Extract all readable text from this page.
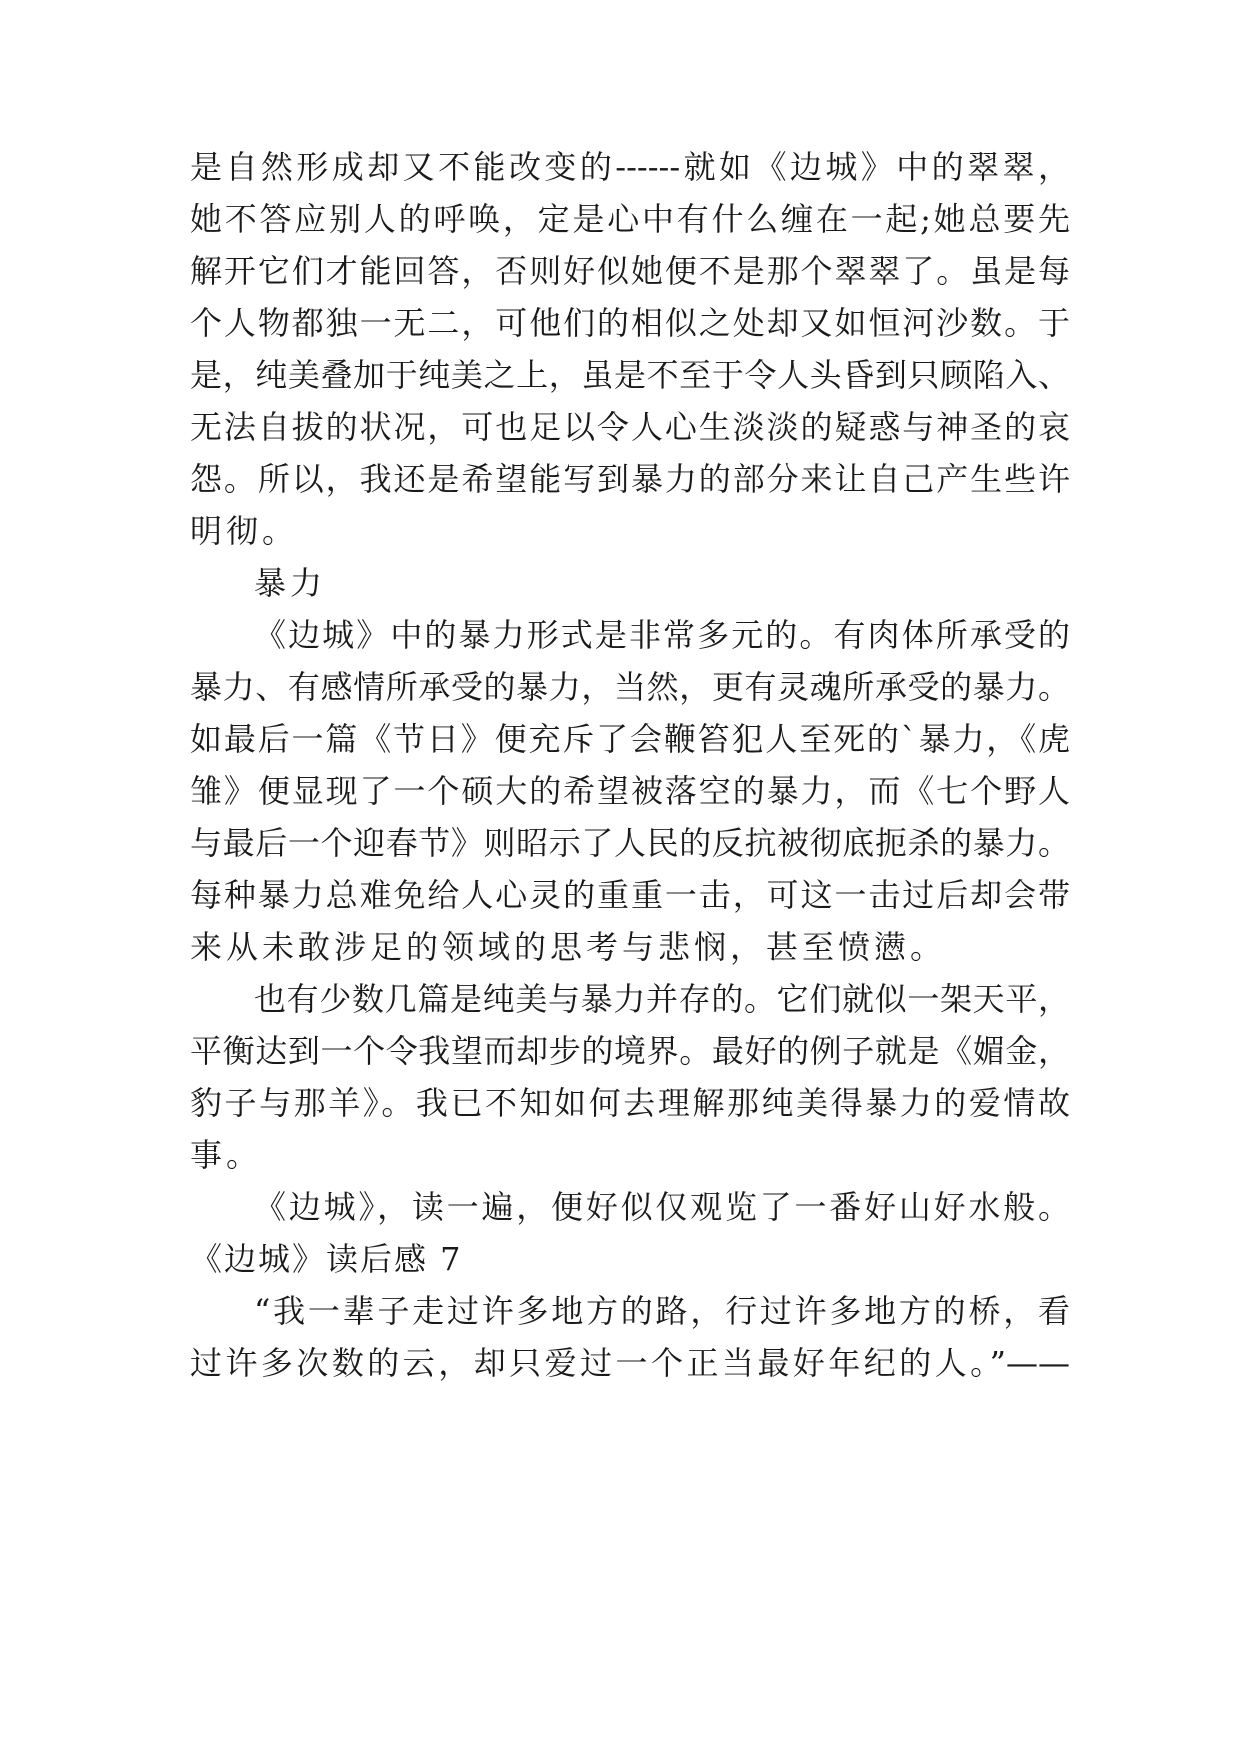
是自然形成却又不能改变的------就如《边城》中的翠翠，
她不答应别人的呼唤，定是心中有什么缠在一起;她总要先
解开它们才能回答，否则好似她便不是那个翠翠了。虽是每
个人物都独一无二，可他们的相似之处却又如恒河沙数。于
是，纯美叠加于纯美之上，虽是不至于令人头昏到只顾陷入、
无法自拔的状况，可也足以令人心生淡淡的疑惑与神圣的哀
怨。所以，我还是希望能写到暴力的部分来让自己产生些许
明彻。
暴力
《边城》中的暴力形式是非常多元的。有肉体所承受的
暴力、有感情所承受的暴力，当然，更有灵魂所承受的暴力。
如最后一篇《节日》便充斥了会鞭笞犯人至死的`暴力，《虎
雏》便显现了一个硕大的希望被落空的暴力，而《七个野人
与最后一个迎春节》则昭示了人民的反抗被彻底扼杀的暴力。
每种暴力总难免给人心灵的重重一击，可这一击过后却会带
来从未敢涉足的领域的思考与悲悯，甚至愤懑。
也有少数几篇是纯美与暴力并存的。它们就似一架天平，
平衡达到一个令我望而却步的境界。最好的例子就是《媚金，
豹子与那羊》。我已不知如何去理解那纯美得暴力的爱情故
事。
《边城》，读一遍，便好似仅观览了一番好山好水般。
《边城》读后感 7
“我一辈子走过许多地方的路，行过许多地方的桥，看
过许多次数的云，却只爱过一个正当最好年纪的人。”——
